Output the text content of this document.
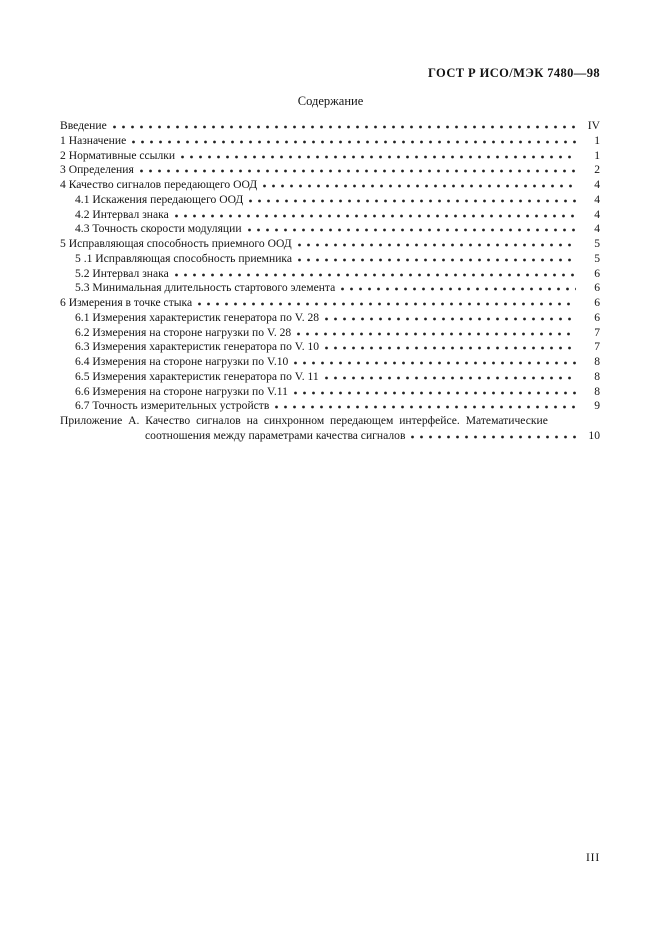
ГОСТ Р ИСО/МЭК 7480—98
Содержание
Введение	IV
1 Назначение	1
2 Нормативные ссылки	1
3 Определения	2
4 Качество сигналов передающего ООД	4
4.1 Искажения передающего ООД	4
4.2 Интервал знака	4
4.3 Точность скорости модуляции	4
5 Исправляющая способность приемного ООД	5
5 .1 Исправляющая способность приемника	5
5.2 Интервал знака	6
5.3 Минимальная длительность стартового элемента	6
6 Измерения в точке стыка	6
6.1 Измерения характеристик генератора по V. 28	6
6.2 Измерения на стороне нагрузки по V. 28	7
6.3 Измерения характеристик генератора по V. 10	7
6.4 Измерения на стороне нагрузки по V.10	8
6.5 Измерения характеристик генератора по V. 11	8
6.6 Измерения на стороне нагрузки по V.11	8
6.7 Точность измерительных устройств	9
Приложение А. Качество сигналов на синхронном передающем интерфейсе. Математические
соотношения между параметрами качества сигналов	10
III
